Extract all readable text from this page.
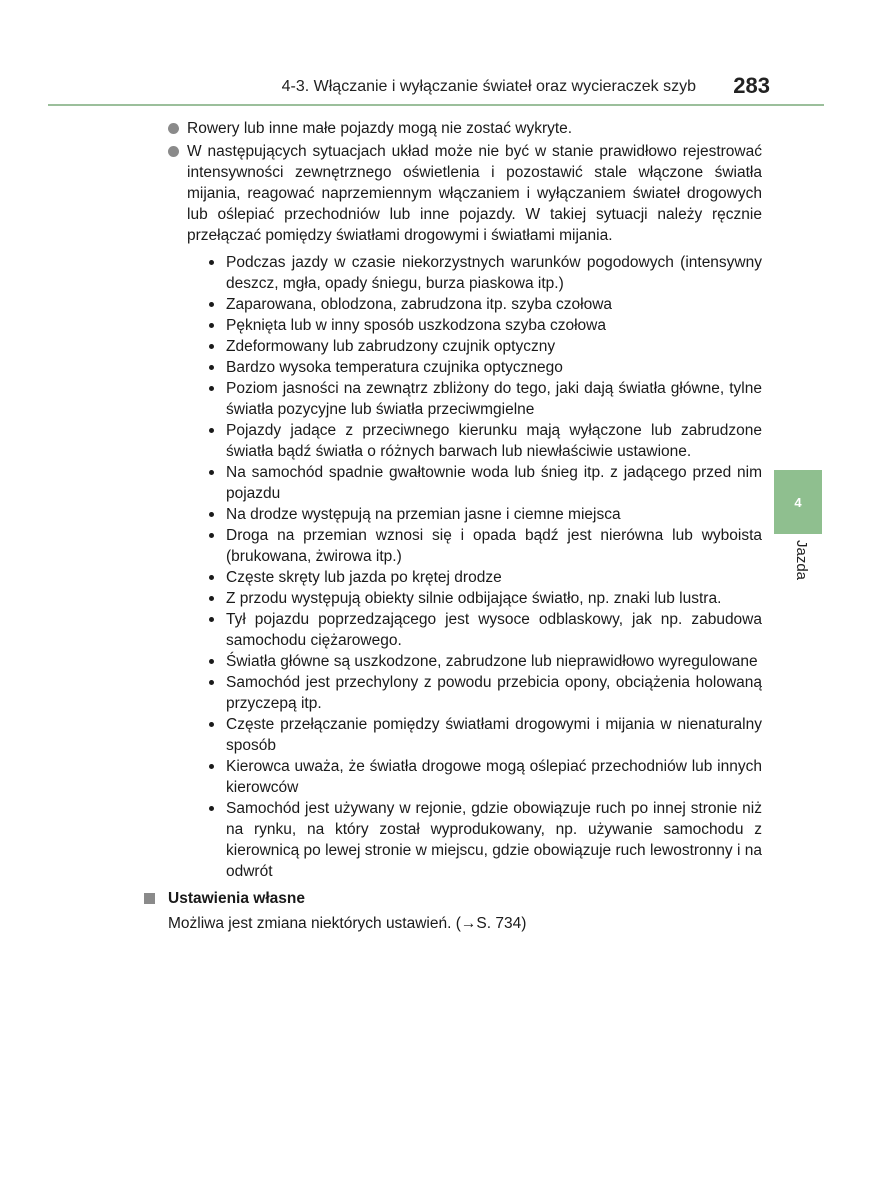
4-3. Włączanie i wyłączanie świateł oraz wycieraczek szyb 283
4
Jazda
Rowery lub inne małe pojazdy mogą nie zostać wykryte.
W następujących sytuacjach układ może nie być w stanie prawidłowo rejestrować intensywności zewnętrznego oświetlenia i pozostawić stale włączone światła mijania, reagować naprzemiennym włączaniem i wyłączaniem świateł drogowych lub oślepiać przechodniów lub inne pojazdy. W takiej sytuacji należy ręcznie przełączać pomiędzy światłami drogowymi i światłami mijania.
Podczas jazdy w czasie niekorzystnych warunków pogodowych (intensywny deszcz, mgła, opady śniegu, burza piaskowa itp.)
Zaparowana, oblodzona, zabrudzona itp. szyba czołowa
Pęknięta lub w inny sposób uszkodzona szyba czołowa
Zdeformowany lub zabrudzony czujnik optyczny
Bardzo wysoka temperatura czujnika optycznego
Poziom jasności na zewnątrz zbliżony do tego, jaki dają światła główne, tylne światła pozycyjne lub światła przeciwmgielne
Pojazdy jadące z przeciwnego kierunku mają wyłączone lub zabrudzone światła bądź światła o różnych barwach lub niewłaściwie ustawione.
Na samochód spadnie gwałtownie woda lub śnieg itp. z jadącego przed nim pojazdu
Na drodze występują na przemian jasne i ciemne miejsca
Droga na przemian wznosi się i opada bądź jest nierówna lub wyboista (brukowana, żwirowa itp.)
Częste skręty lub jazda po krętej drodze
Z przodu występują obiekty silnie odbijające światło, np. znaki lub lustra.
Tył pojazdu poprzedzającego jest wysoce odblaskowy, jak np. zabudowa samochodu ciężarowego.
Światła główne są uszkodzone, zabrudzone lub nieprawidłowo wyregulowane
Samochód jest przechylony z powodu przebicia opony, obciążenia holowaną przyczepą itp.
Częste przełączanie pomiędzy światłami drogowymi i mijania w nienaturalny sposób
Kierowca uważa, że światła drogowe mogą oślepiać przechodniów lub innych kierowców
Samochód jest używany w rejonie, gdzie obowiązuje ruch po innej stronie niż na rynku, na który został wyprodukowany, np. używanie samochodu z kierownicą po lewej stronie w miejscu, gdzie obowiązuje ruch lewostronny i na odwrót
Ustawienia własne
Możliwa jest zmiana niektórych ustawień. (→S. 734)
